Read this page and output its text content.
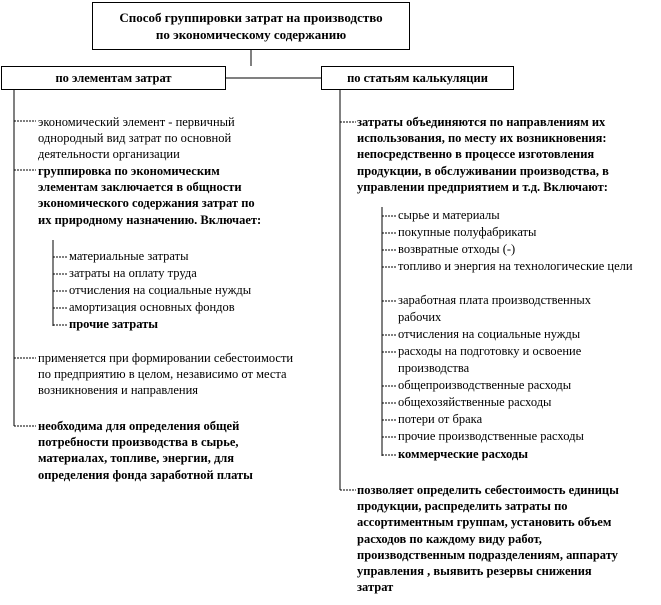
Способ группировки затрат на производство
по экономическому содержанию
по элементам затрат	по статьям калькуляции

экономический элемент - первичный однородный вид затрат по основной деятельности организации

группировка по экономическим элементам заключается в общности экономического содержания затрат по их природному назначению. Включает:

материальные затраты

затраты на оплату труда

отчисления на социальные нужды

амортизация основных фондов

прочие затраты

применяется при формировании себестоимости по предприятию в целом, независимо от места возникновения и направления

необходима для определения общей потребности производства в сырье, материалах, топливе, энергии, для определения фонда заработной платы

затраты объединяются по направлениям их использования, по месту их возникновения: непосредственно в процессе изготовления продукции, в обслуживании производства, в управлении предприятием и т.д. Включают:

сырье и материалы

покупные полуфабрикаты

возвратные отходы (-)

топливо и энергия на технологические цели

заработная плата производственных рабочих

отчисления на социальные нужды

расходы на подготовку и освоение производства

общепроизводственные расходы

общехозяйственные расходы

потери от брака

прочие производственные расходы

коммерческие расходы

позволяет определить себестоимость единицы продукции, распределить затраты по ассортиментным группам, установить объем расходов по каждому виду работ, производственным подразделениям, аппарату управления , выявить резервы снижения затрат
